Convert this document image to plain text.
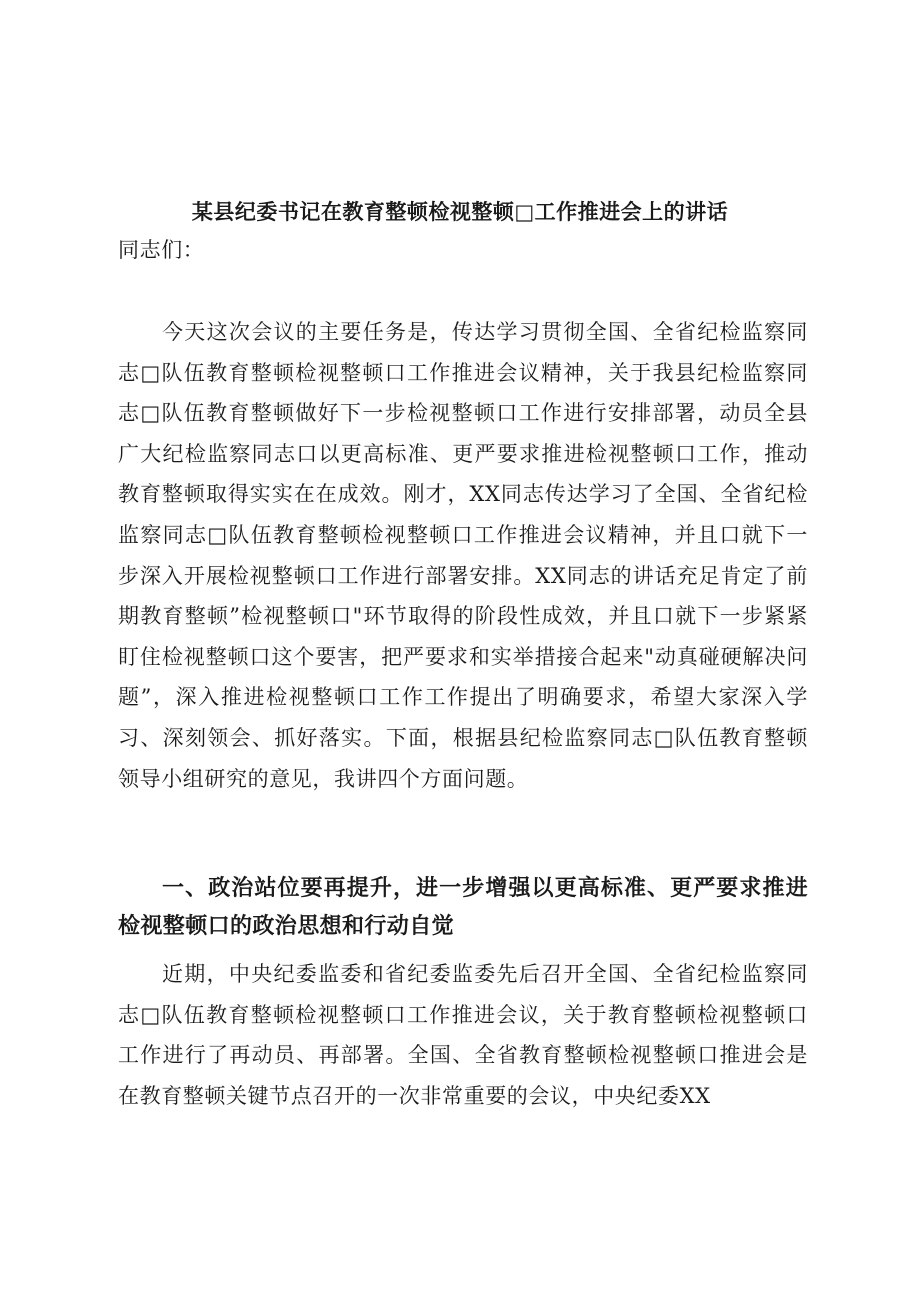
某县纪委书记在教育整顿检视整顿□工作推进会上的讲话

同志们：

今天这次会议的主要任务是，传达学习贯彻全国、全省纪检监察同志□队伍教育整顿检视整顿口工作推进会议精神，关于我县纪检监察同志□队伍教育整顿做好下一步检视整顿口工作进行安排部署，动员全县广大纪检监察同志口以更高标准、更严要求推进检视整顿口工作，推动教育整顿取得实实在在成效。刚才，XX同志传达学习了全国、全省纪检监察同志□队伍教育整顿检视整顿口工作推进会议精神，并且口就下一步深入开展检视整顿口工作进行部署安排。XX同志的讲话充足肯定了前期教育整顿”检视整顿口"环节取得的阶段性成效，并且口就下一步紧紧盯住检视整顿口这个要害，把严要求和实举措接合起来"动真碰硬解决问题”，深入推进检视整顿口工作工作提出了明确要求，希望大家深入学习、深刻领会、抓好落实。下面，根据县纪检监察同志□队伍教育整顿领导小组研究的意见，我讲四个方面问题。

一、政治站位要再提升，进一步增强以更高标准、更严要求推进检视整顿口的政治思想和行动自觉

近期，中央纪委监委和省纪委监委先后召开全国、全省纪检监察同志□队伍教育整顿检视整顿口工作推进会议，关于教育整顿检视整顿口工作进行了再动员、再部署。全国、全省教育整顿检视整顿口推进会是在教育整顿关键节点召开的一次非常重要的会议，中央纪委XX
